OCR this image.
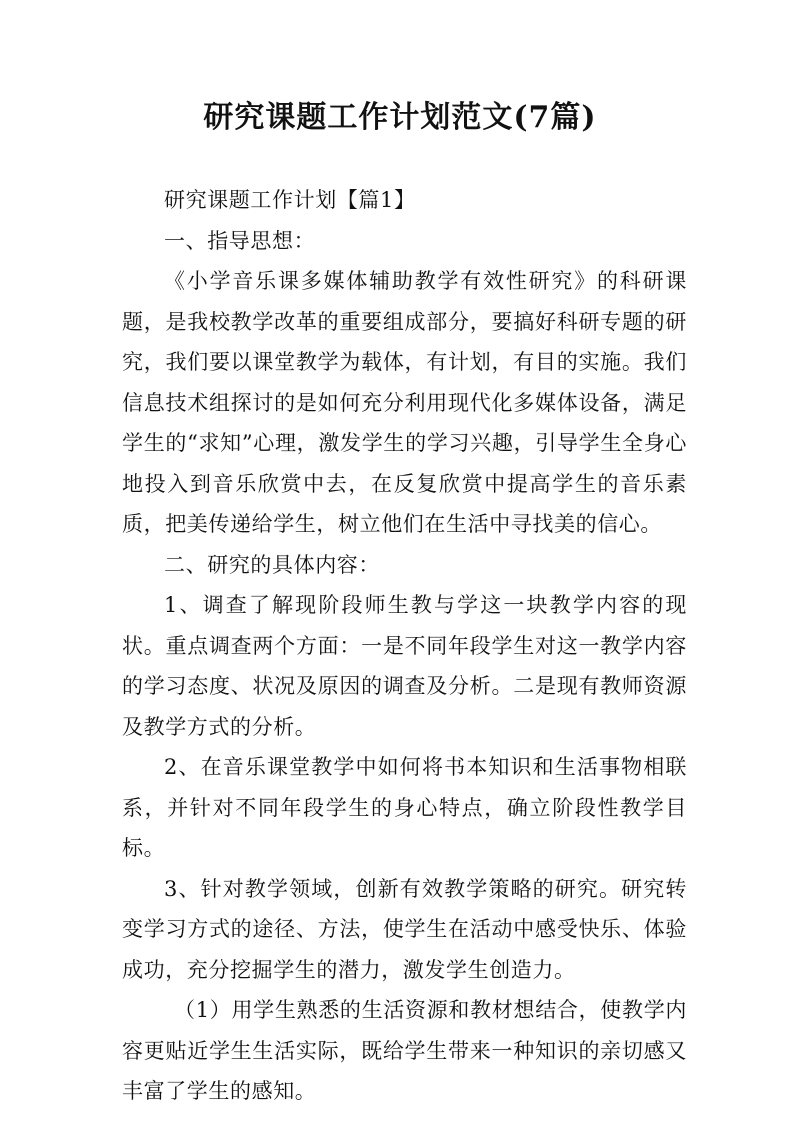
研究课题工作计划范文(7篇)

研究课题工作计划【篇1】

一、指导思想：

《小学音乐课多媒体辅助教学有效性研究》的科研课题，是我校教学改革的重要组成部分，要搞好科研专题的研究，我们要以课堂教学为载体，有计划，有目的实施。我们信息技术组探讨的是如何充分利用现代化多媒体设备，满足学生的“求知”心理，激发学生的学习兴趣，引导学生全身心地投入到音乐欣赏中去，在反复欣赏中提高学生的音乐素质，把美传递给学生，树立他们在生活中寻找美的信心。

二、研究的具体内容：

1、调查了解现阶段师生教与学这一块教学内容的现状。重点调查两个方面：一是不同年段学生对这一教学内容的学习态度、状况及原因的调查及分析。二是现有教师资源及教学方式的分析。

2、在音乐课堂教学中如何将书本知识和生活事物相联系，并针对不同年段学生的身心特点，确立阶段性教学目标。

3、针对教学领域，创新有效教学策略的研究。研究转变学习方式的途径、方法，使学生在活动中感受快乐、体验成功，充分挖掘学生的潜力，激发学生创造力。

（1）用学生熟悉的生活资源和教材想结合，使教学内容更贴近学生生活实际，既给学生带来一种知识的亲切感又丰富了学生的感知。
